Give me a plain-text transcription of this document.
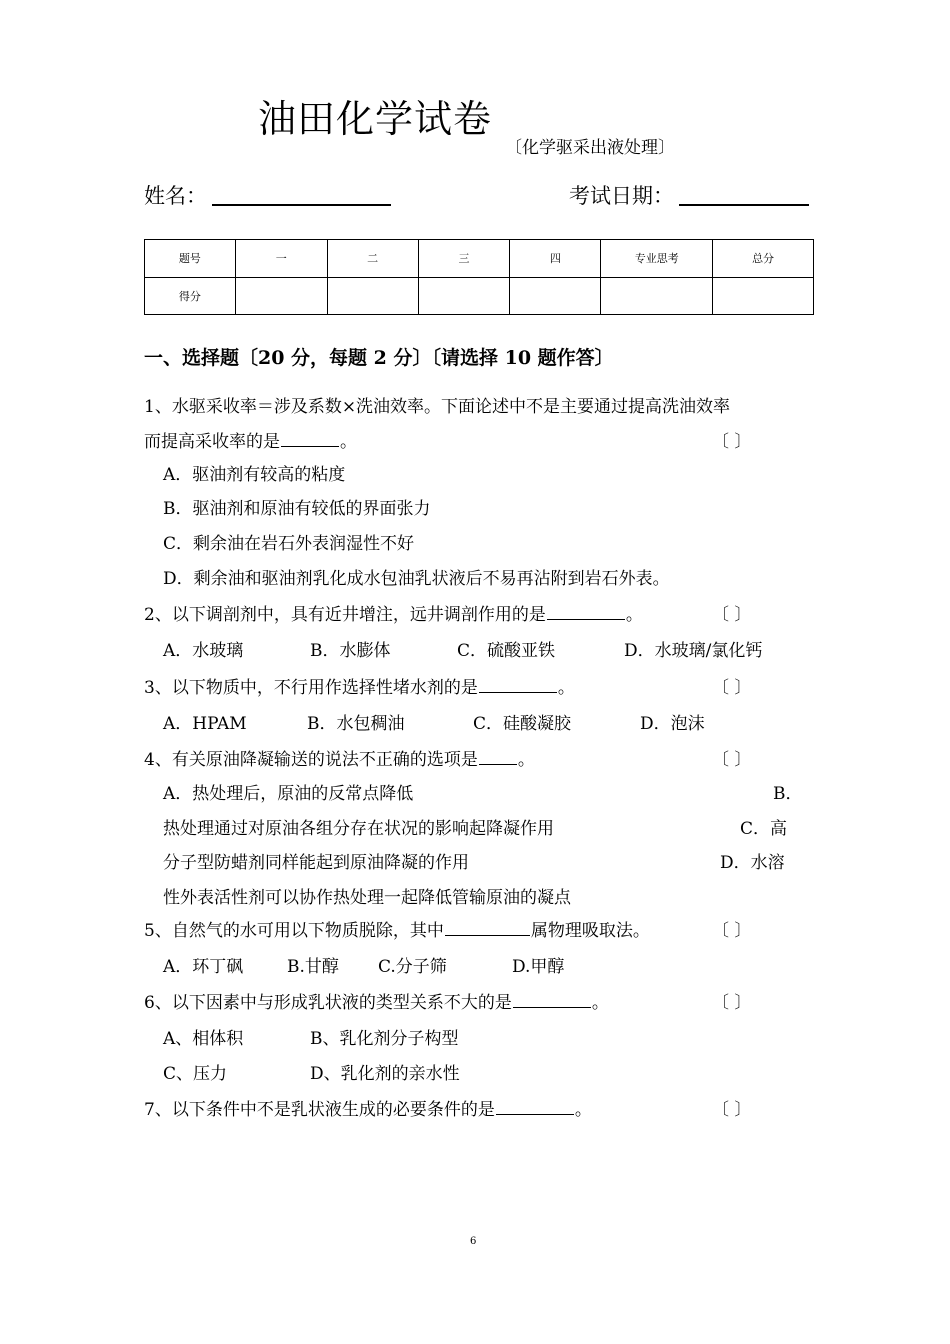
油田化学试卷
〔化学驱采出液处理〕
姓名：	考试日期：
题号	一	二	三	四	专业思考	总分
得分						
一、选择题〔20 分，每题 2 分〕〔请选择 10 题作答〕
1、水驱采收率＝涉及系数×洗油效率。下面论述中不是主要通过提高洗油效率
而提高采收率的是	。	〔 〕
A．驱油剂有较高的粘度
B．驱油剂和原油有较低的界面张力
C．剩余油在岩石外表润湿性不好
D．剩余油和驱油剂乳化成水包油乳状液后不易再沾附到岩石外表。
2、以下调剖剂中，具有近井增注，远井调剖作用的是	。	〔 〕
A．水玻璃	B．水膨体	C．硫酸亚铁	D．水玻璃/氯化钙
3、以下物质中，不行用作选择性堵水剂的是	。	〔 〕
A．HPAM	B．水包稠油	C．硅酸凝胶	D．泡沫
4、有关原油降凝输送的说法不正确的选项是 。	〔 〕
A．热处理后，原油的反常点降低	B．
热处理通过对原油各组分存在状况的影响起降凝作用	C．高
分子型防蜡剂同样能起到原油降凝的作用	D．水溶
性外表活性剂可以协作热处理一起降低管输原油的凝点
5、自然气的水可用以下物质脱除，其中	属物理吸取法。	〔 〕
A．环丁砜	B.甘醇 C.分子筛	D.甲醇
6、以下因素中与形成乳状液的类型关系不大的是	。	〔 〕
A、相体积	B、乳化剂分子构型
C、压力	D、乳化剂的亲水性
7、以下条件中不是乳状液生成的必要条件的是	。	〔 〕
6
